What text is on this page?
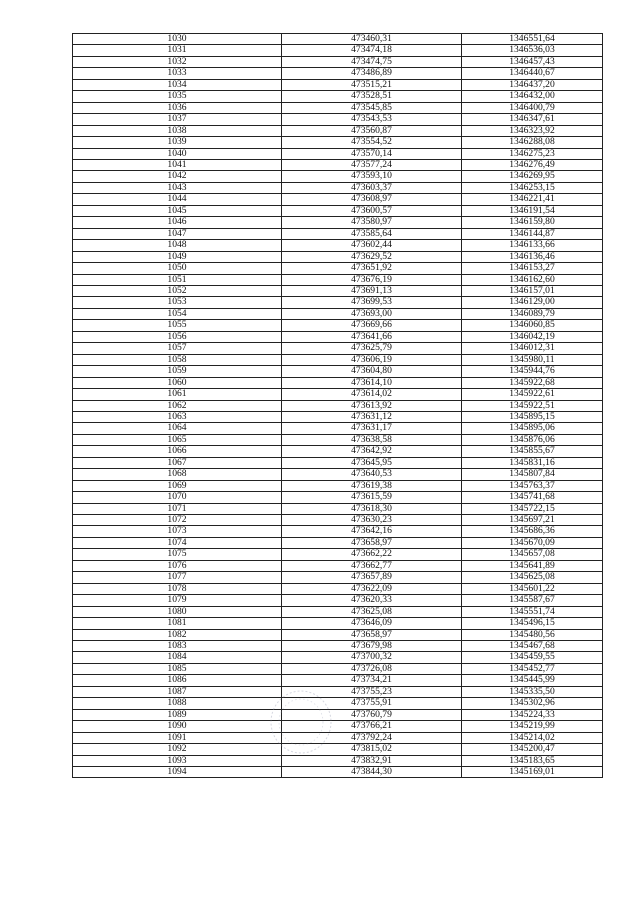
1030	473460,31	1346551,64
1031	473474,18	1346536,03
1032	473474,75	1346457,43
1033	473486,89	1346440,67
1034	473515,21	1346437,20
1035	473528,51	1346432,00
1036	473545,85	1346400,79
1037	473543,53	1346347,61
1038	473560,87	1346323,92
1039	473554,52	1346288,08
1040	473570,14	1346275,23
1041	473577,24	1346276,49
1042	473593,10	1346269,95
1043	473603,37	1346253,15
1044	473608,97	1346221,41
1045	473600,57	1346191,54
1046	473580,97	1346159,80
1047	473585,64	1346144,87
1048	473602,44	1346133,66
1049	473629,52	1346136,46
1050	473651,92	1346153,27
1051	473676,19	1346162,60
1052	473691,13	1346157,01
1053	473699,53	1346129,00
1054	473693,00	1346089,79
1055	473669,66	1346060,85
1056	473641,66	1346042,19
1057	473625,79	1346012,31
1058	473606,19	1345980,11
1059	473604,80	1345944,76
1060	473614,10	1345922,68
1061	473614,02	1345922,61
1062	473613,92	1345922,51
1063	473631,12	1345895,15
1064	473631,17	1345895,06
1065	473638,58	1345876,06
1066	473642,92	1345855,67
1067	473645,95	1345831,16
1068	473640,53	1345807,84
1069	473619,38	1345763,37
1070	473615,59	1345741,68
1071	473618,30	1345722,15
1072	473630,23	1345697,21
1073	473642,16	1345686,36
1074	473658,97	1345670,09
1075	473662,22	1345657,08
1076	473662,77	1345641,89
1077	473657,89	1345625,08
1078	473622,09	1345601,22
1079	473620,33	1345587,67
1080	473625,08	1345551,74
1081	473646,09	1345496,15
1082	473658,97	1345480,56
1083	473679,98	1345467,68
1084	473700,32	1345459,55
1085	473726,08	1345452,77
1086	473734,21	1345445,99
1087	473755,23	1345335,50
1088	473755,91	1345302,96
1089	473760,79	1345224,33
1090	473766,21	1345219,99
1091	473792,24	1345214,02
1092	473815,02	1345200,47
1093	473832,91	1345183,65
1094	473844,30	1345169,01
